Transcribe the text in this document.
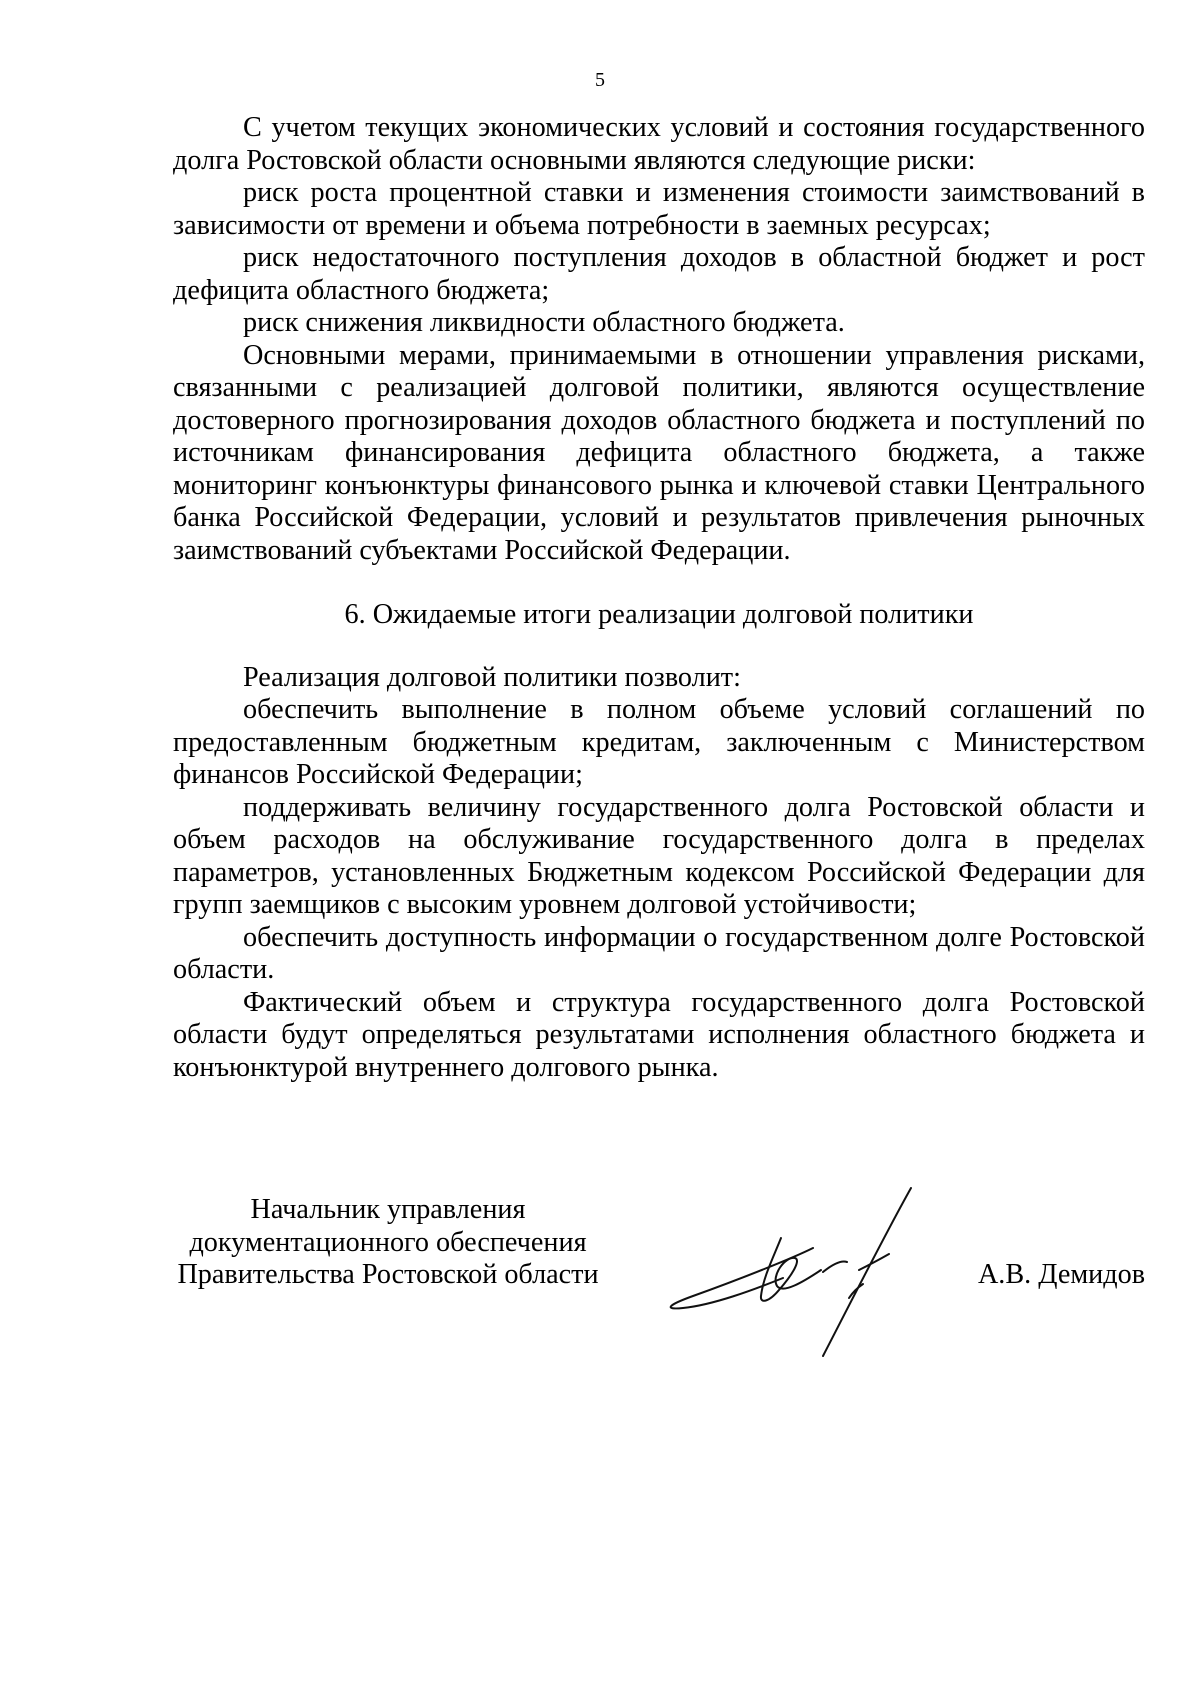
5

С учетом текущих экономических условий и состояния государственного долга Ростовской области основными являются следующие риски:

риск роста процентной ставки и изменения стоимости заимствований в зависимости от времени и объема потребности в заемных ресурсах;

риск недостаточного поступления доходов в областной бюджет и рост дефицита областного бюджета;

риск снижения ликвидности областного бюджета.

Основными мерами, принимаемыми в отношении управления рисками, связанными с реализацией долговой политики, являются осуществление достоверного прогнозирования доходов областного бюджета и поступлений по источникам финансирования дефицита областного бюджета, а также мониторинг конъюнктуры финансового рынка и ключевой ставки Центрального банка Российской Федерации, условий и результатов привлечения рыночных заимствований субъектами Российской Федерации.

6. Ожидаемые итоги реализации долговой политики

Реализация долговой политики позволит:

обеспечить выполнение в полном объеме условий соглашений по предоставленным бюджетным кредитам, заключенным с Министерством финансов Российской Федерации;

поддерживать величину государственного долга Ростовской области и объем расходов на обслуживание государственного долга в пределах параметров, установленных Бюджетным кодексом Российской Федерации для групп заемщиков с высоким уровнем долговой устойчивости;

обеспечить доступность информации о государственном долге Ростовской области.

Фактический объем и структура государственного долга Ростовской области будут определяться результатами исполнения областного бюджета и конъюнктурой внутреннего долгового рынка.

Начальник управления
документационного обеспечения
Правительства Ростовской области	А.В. Демидов
